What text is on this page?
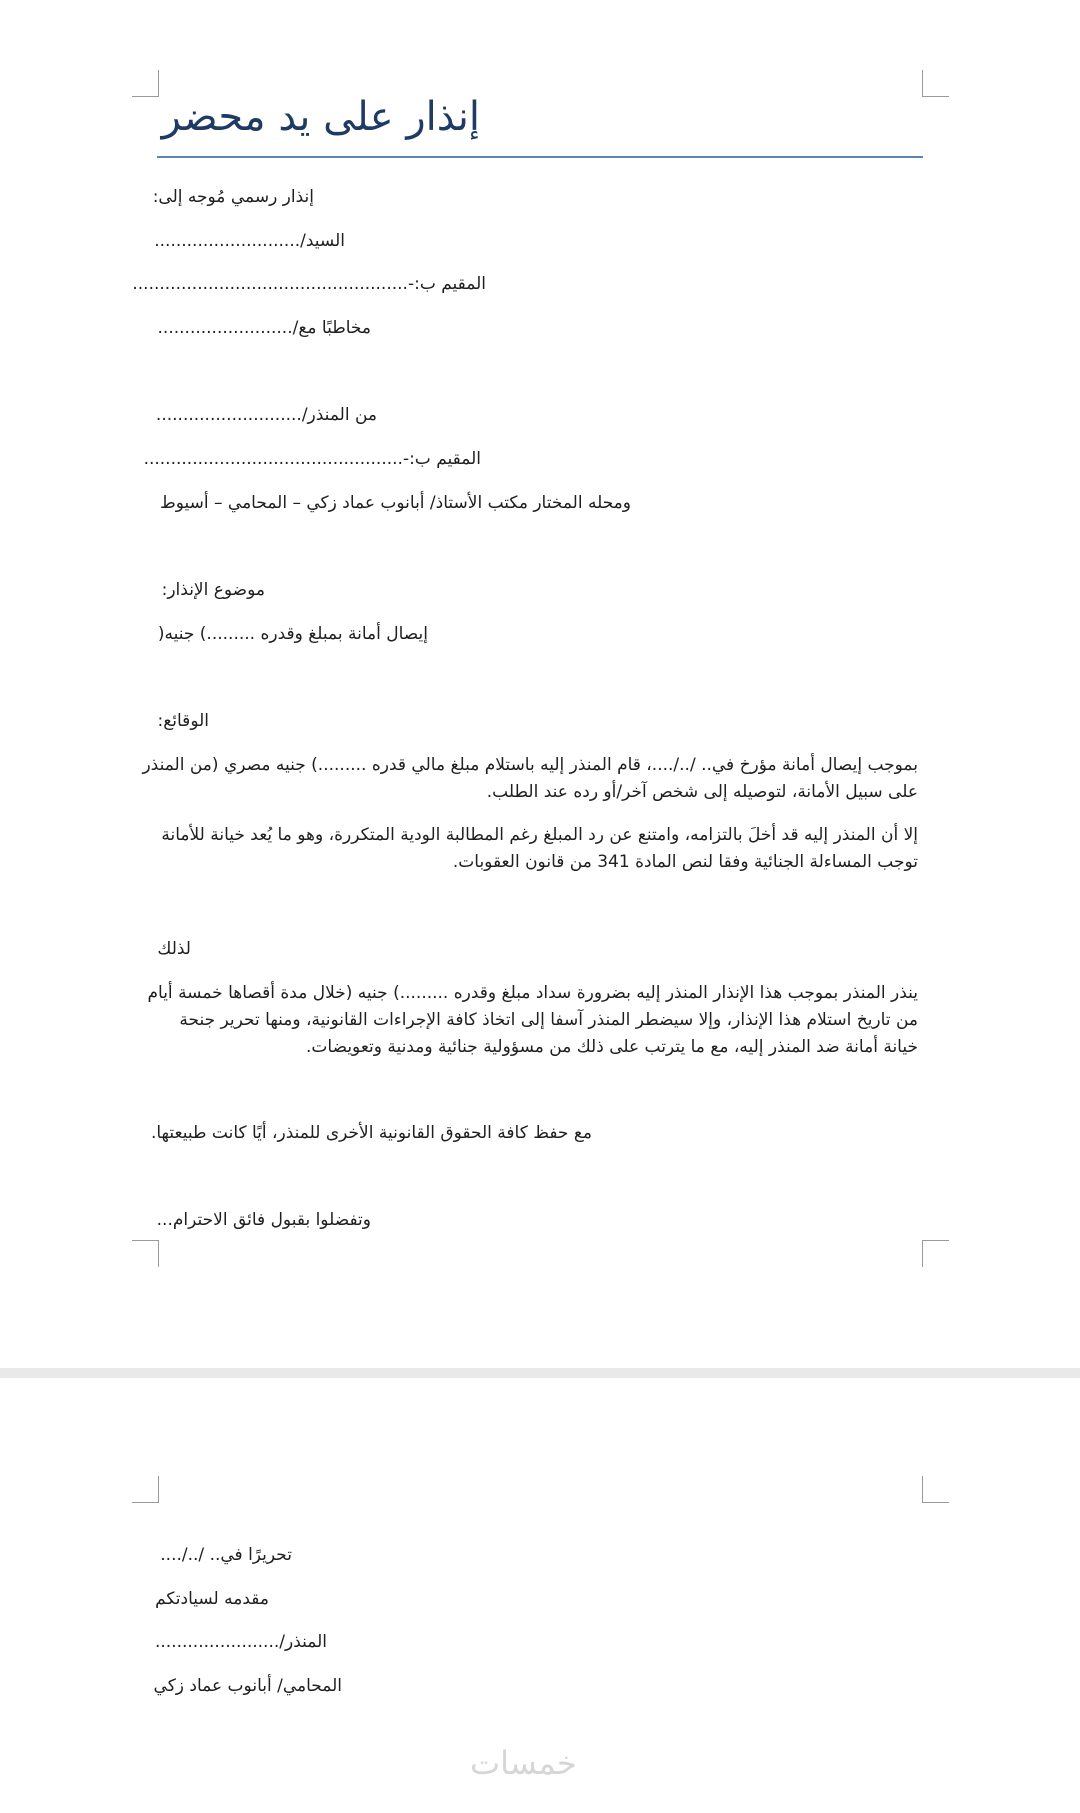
إنذار على يد محضر
إنذار رسمي مُوجه إلى:
السيد/...........................
المقيم ب:-...................................................
مخاطبًا مع/.........................
من المنذر/...........................
المقيم ب:-................................................
ومحله المختار مكتب الأستاذ/ أبانوب عماد زكي – المحامي – أسيوط
موضوع الإنذار:
إيصال أمانة بمبلغ وقدره .........) جنيه(
الوقائع:
بموجب إيصال أمانة مؤرخ في.. /../....، قام المنذر إليه باستلام مبلغ مالي قدره .........) جنيه مصري (من المنذر
على سبيل الأمانة، لتوصيله إلى شخص آخر/أو رده عند الطلب.
إلا أن المنذر إليه قد أخلَ بالتزامه، وامتنع عن رد المبلغ رغم المطالبة الودية المتكررة، وهو ما يُعد خيانة للأمانة
توجب المساءلة الجنائية وفقا لنص المادة 341 من قانون العقوبات.
لذلك
ينذر المنذر بموجب هذا الإنذار المنذر إليه بضرورة سداد مبلغ وقدره .........) جنيه (خلال مدة أقصاها خمسة أيام
من تاريخ استلام هذا الإنذار، وإلا سيضطر المنذر آسفا إلى اتخاذ كافة الإجراءات القانونية، ومنها تحرير جنحة
خيانة أمانة ضد المنذر إليه، مع ما يترتب على ذلك من مسؤولية جنائية ومدنية وتعويضات.
مع حفظ كافة الحقوق القانونية الأخرى للمنذر، أيًا كانت طبيعتها.
وتفضلوا بقبول فائق الاحترام...
تحريرًا في.. /../....
مقدمه لسيادتكم
المنذر/.......................
المحامي/ أبانوب عماد زكي
خمسات
